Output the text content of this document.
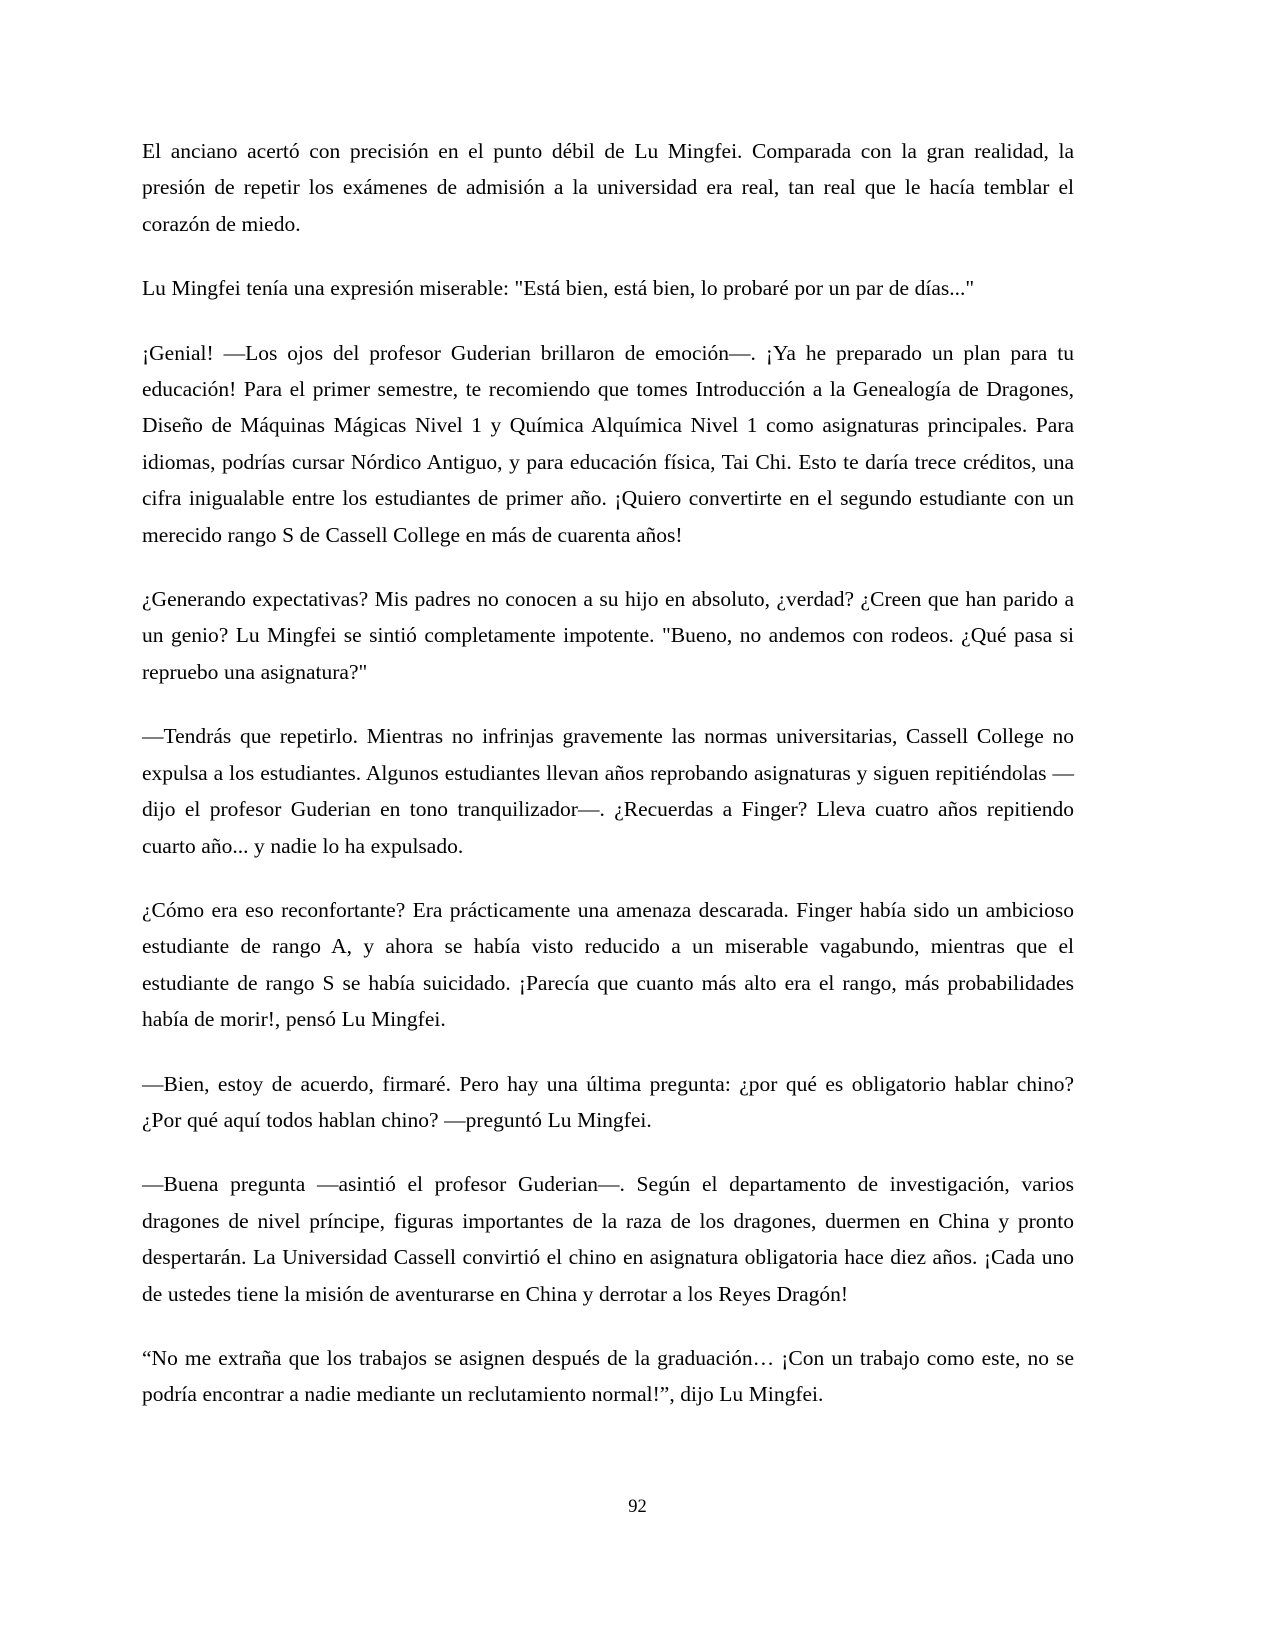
El anciano acertó con precisión en el punto débil de Lu Mingfei. Comparada con la gran realidad, la presión de repetir los exámenes de admisión a la universidad era real, tan real que le hacía temblar el corazón de miedo.

Lu Mingfei tenía una expresión miserable: "Está bien, está bien, lo probaré por un par de días..."

¡Genial! —Los ojos del profesor Guderian brillaron de emoción—. ¡Ya he preparado un plan para tu educación! Para el primer semestre, te recomiendo que tomes Introducción a la Genealogía de Dragones, Diseño de Máquinas Mágicas Nivel 1 y Química Alquímica Nivel 1 como asignaturas principales. Para idiomas, podrías cursar Nórdico Antiguo, y para educación física, Tai Chi. Esto te daría trece créditos, una cifra inigualable entre los estudiantes de primer año. ¡Quiero convertirte en el segundo estudiante con un merecido rango S de Cassell College en más de cuarenta años!

¿Generando expectativas? Mis padres no conocen a su hijo en absoluto, ¿verdad? ¿Creen que han parido a un genio? Lu Mingfei se sintió completamente impotente. "Bueno, no andemos con rodeos. ¿Qué pasa si repruebo una asignatura?"

—Tendrás que repetirlo. Mientras no infrinjas gravemente las normas universitarias, Cassell College no expulsa a los estudiantes. Algunos estudiantes llevan años reprobando asignaturas y siguen repitiéndolas —dijo el profesor Guderian en tono tranquilizador—. ¿Recuerdas a Finger? Lleva cuatro años repitiendo cuarto año... y nadie lo ha expulsado.

¿Cómo era eso reconfortante? Era prácticamente una amenaza descarada. Finger había sido un ambicioso estudiante de rango A, y ahora se había visto reducido a un miserable vagabundo, mientras que el estudiante de rango S se había suicidado. ¡Parecía que cuanto más alto era el rango, más probabilidades había de morir!, pensó Lu Mingfei.

—Bien, estoy de acuerdo, firmaré. Pero hay una última pregunta: ¿por qué es obligatorio hablar chino? ¿Por qué aquí todos hablan chino? —preguntó Lu Mingfei.

—Buena pregunta —asintió el profesor Guderian—. Según el departamento de investigación, varios dragones de nivel príncipe, figuras importantes de la raza de los dragones, duermen en China y pronto despertarán. La Universidad Cassell convirtió el chino en asignatura obligatoria hace diez años. ¡Cada uno de ustedes tiene la misión de aventurarse en China y derrotar a los Reyes Dragón!

“No me extraña que los trabajos se asignen después de la graduación… ¡Con un trabajo como este, no se podría encontrar a nadie mediante un reclutamiento normal!”, dijo Lu Mingfei.

92
